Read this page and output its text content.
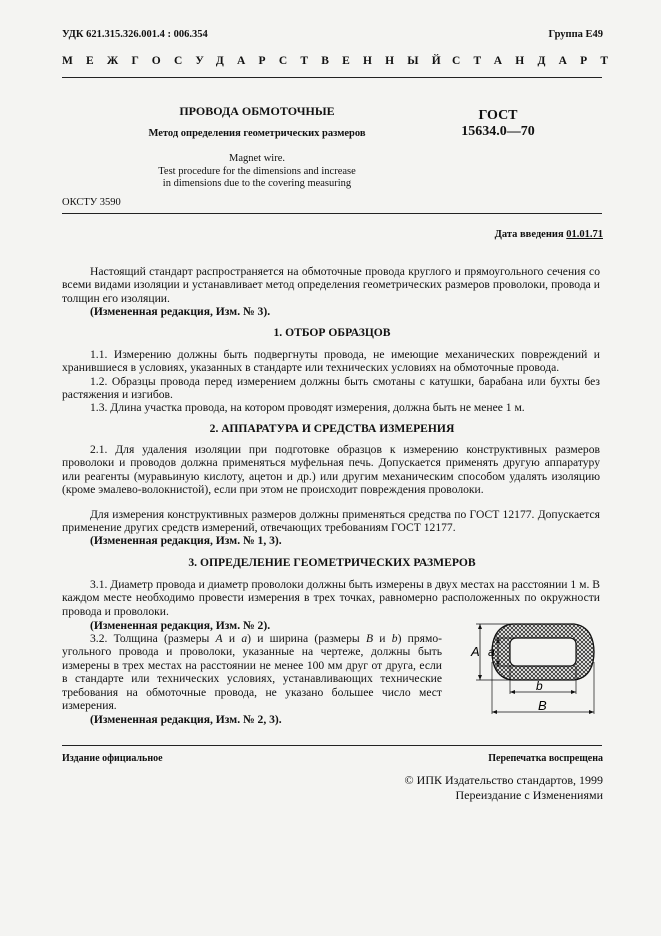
УДК 621.315.326.001.4 : 006.354	Группа Е49
МЕЖГОСУДАРСТВЕННЫЙ
СТАНДАРТ
ПРОВОДА ОБМОТОЧНЫЕ
Метод определения геометрических размеров
Magnet wire.
Test procedure for the dimensions and increase
in dimensions due to the covering measuring
ГОСТ
15634.0—70
ОКСТУ 3590
Дата введения 01.01.71
Настоящий стандарт распространяется на обмоточные провода круглого и прямоугольного сечения со всеми видами изоляции и устанавливает метод определения геометрических размеров проволоки, провода и толщин его изоляции.
(Измененная редакция, Изм. № 3).
1. ОТБОР ОБРАЗЦОВ
1.1. Измерению должны быть подвергнуты провода, не имеющие механических повреждений и хранившиеся в условиях, указанных в стандарте или технических условиях на обмоточные провода.
1.2. Образцы провода перед измерением должны быть смотаны с катушки, барабана или бухты без растяжения и изгибов.
1.3. Длина участка провода, на котором проводят измерения, должна быть не менее 1 м.
2. АППАРАТУРА И СРЕДСТВА ИЗМЕРЕНИЯ
2.1. Для удаления изоляции при подготовке образцов к измерению конструктивных размеров проволоки и проводов должна применяться муфельная печь. Допускается применять другую аппаратуру или реагенты (муравьиную кислоту, ацетон и др.) или другим механическим способом удалять изоляцию (кроме эмалево-волокнистой), если при этом не происходит повреждения проволоки.
Для измерения конструктивных размеров должны применяться средства по ГОСТ 12177. Допускается применение других средств измерений, отвечающих требованиям ГОСТ 12177.
(Измененная редакция, Изм. № 1, 3).
3. ОПРЕДЕЛЕНИЕ ГЕОМЕТРИЧЕСКИХ РАЗМЕРОВ
3.1. Диаметр провода и диаметр проволоки должны быть измерены в двух местах на расстоянии 1 м. В каждом месте необходимо провести измерения в трех точках, равномерно расположенных по окружности провода и проволоки.
(Измененная редакция, Изм. № 2).
3.2. Толщина (размеры A и a) и ширина (размеры B и b) прямо- угольного провода и проволоки, указанные на чертеже, должны быть измерены в трех местах на расстоянии не менее 100 мм друг от друга, если в стандарте или технических условиях, устанавливающих технические требования на обмоточные провода, не указано большее число мест измерения.
(Измененная редакция, Изм. № 2, 3).
A a
b
B
Издание официальное	Перепечатка воспрещена
© ИПК Издательство стандартов, 1999
Переиздание с Изменениями
